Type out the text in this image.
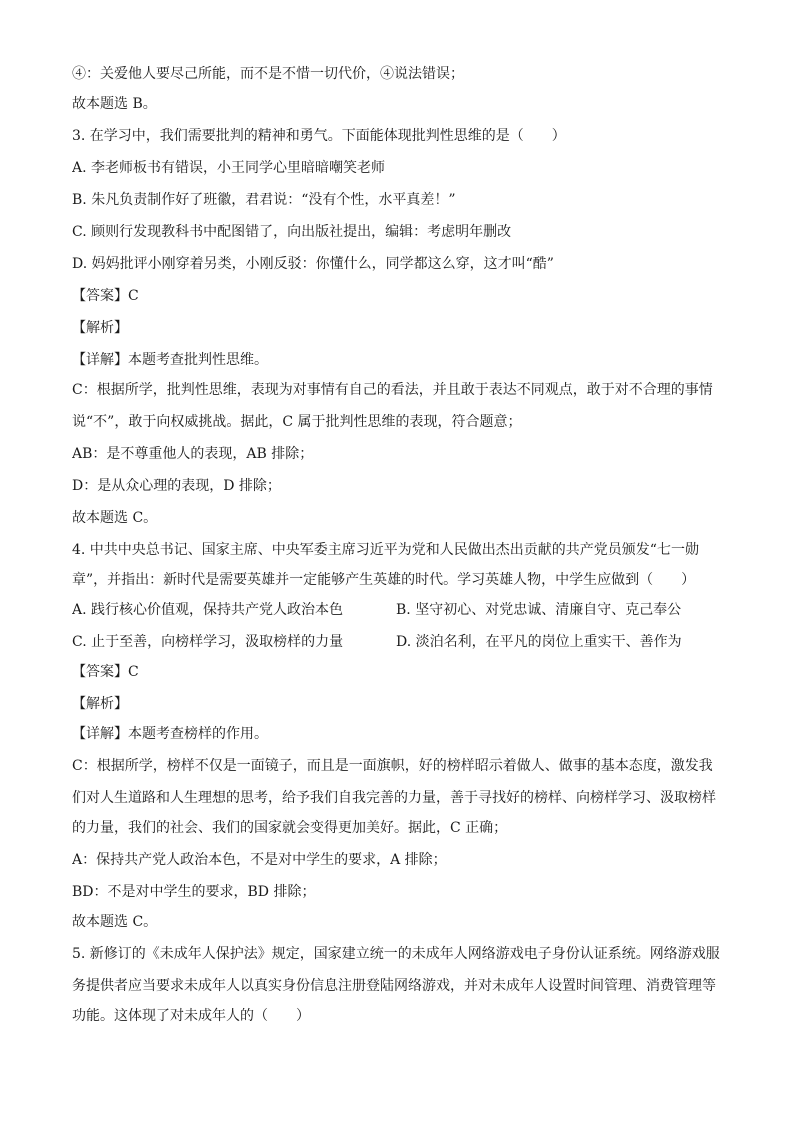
④：关爱他人要尽己所能，而不是不惜一切代价，④说法错误；
故本题选 B。
3. 在学习中，我们需要批判的精神和勇气。下面能体现批判性思维的是（　　）
A. 李老师板书有错误，小王同学心里暗暗嘲笑老师
B. 朱凡负责制作好了班徽，君君说：“没有个性，水平真差！”
C. 顾则行发现教科书中配图错了，向出版社提出，编辑：考虑明年删改
D. 妈妈批评小刚穿着另类，小刚反驳：你懂什么，同学都这么穿，这才叫“酷”
【答案】C
【解析】
【详解】本题考查批判性思维。
C：根据所学，批判性思维，表现为对事情有自己的看法，并且敢于表达不同观点，敢于对不合理的事情
说“不”，敢于向权威挑战。据此，C 属于批判性思维的表现，符合题意；
AB：是不尊重他人的表现，AB 排除；
D：是从众心理的表现，D 排除；
故本题选 C。
4. 中共中央总书记、国家主席、中央军委主席习近平为党和人民做出杰出贡献的共产党员颁发“七一勋
章”，并指出：新时代是需要英雄并一定能够产生英雄的时代。学习英雄人物，中学生应做到（　　）
A. 践行核心价值观，保持共产党人政治本色	B. 坚守初心、对党忠诚、清廉自守、克己奉公
C. 止于至善，向榜样学习，汲取榜样的力量	D. 淡泊名利，在平凡的岗位上重实干、善作为
【答案】C
【解析】
【详解】本题考查榜样的作用。
C：根据所学，榜样不仅是一面镜子，而且是一面旗帜，好的榜样昭示着做人、做事的基本态度，激发我
们对人生道路和人生理想的思考，给予我们自我完善的力量，善于寻找好的榜样、向榜样学习、汲取榜样
的力量，我们的社会、我们的国家就会变得更加美好。据此，C 正确；
A：保持共产党人政治本色，不是对中学生的要求，A 排除；
BD：不是对中学生的要求，BD 排除；
故本题选 C。
5. 新修订的《未成年人保护法》规定，国家建立统一的未成年人网络游戏电子身份认证系统。网络游戏服
务提供者应当要求未成年人以真实身份信息注册登陆网络游戏，并对未成年人设置时间管理、消费管理等
功能。这体现了对未成年人的（　　）
